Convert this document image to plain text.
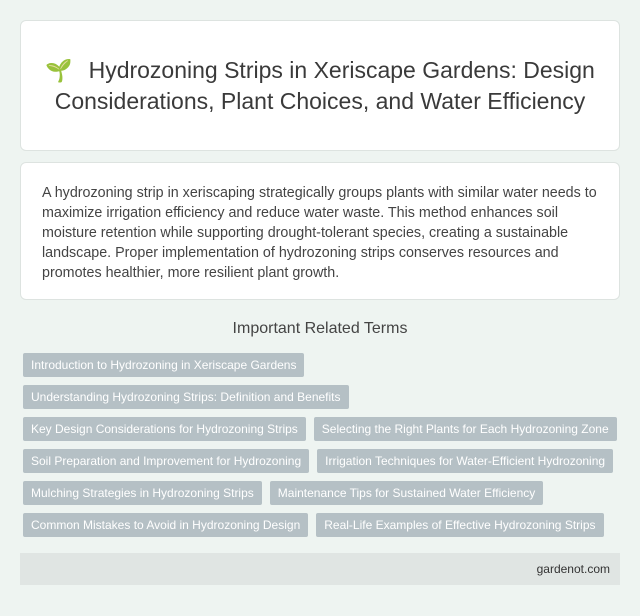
🌱 Hydrozoning Strips in Xeriscape Gardens: Design Considerations, Plant Choices, and Water Efficiency

A hydrozoning strip in xeriscaping strategically groups plants with similar water needs to maximize irrigation efficiency and reduce water waste. This method enhances soil moisture retention while supporting drought-tolerant species, creating a sustainable landscape. Proper implementation of hydrozoning strips conserves resources and promotes healthier, more resilient plant growth.

Important Related Terms
Introduction to Hydrozoning in Xeriscape Gardens
Understanding Hydrozoning Strips: Definition and Benefits
Key Design Considerations for Hydrozoning Strips	Selecting the Right Plants for Each Hydrozoning Zone
Soil Preparation and Improvement for Hydrozoning	Irrigation Techniques for Water-Efficient Hydrozoning
Mulching Strategies in Hydrozoning Strips	Maintenance Tips for Sustained Water Efficiency
Common Mistakes to Avoid in Hydrozoning Design	Real-Life Examples of Effective Hydrozoning Strips
gardenot.com
